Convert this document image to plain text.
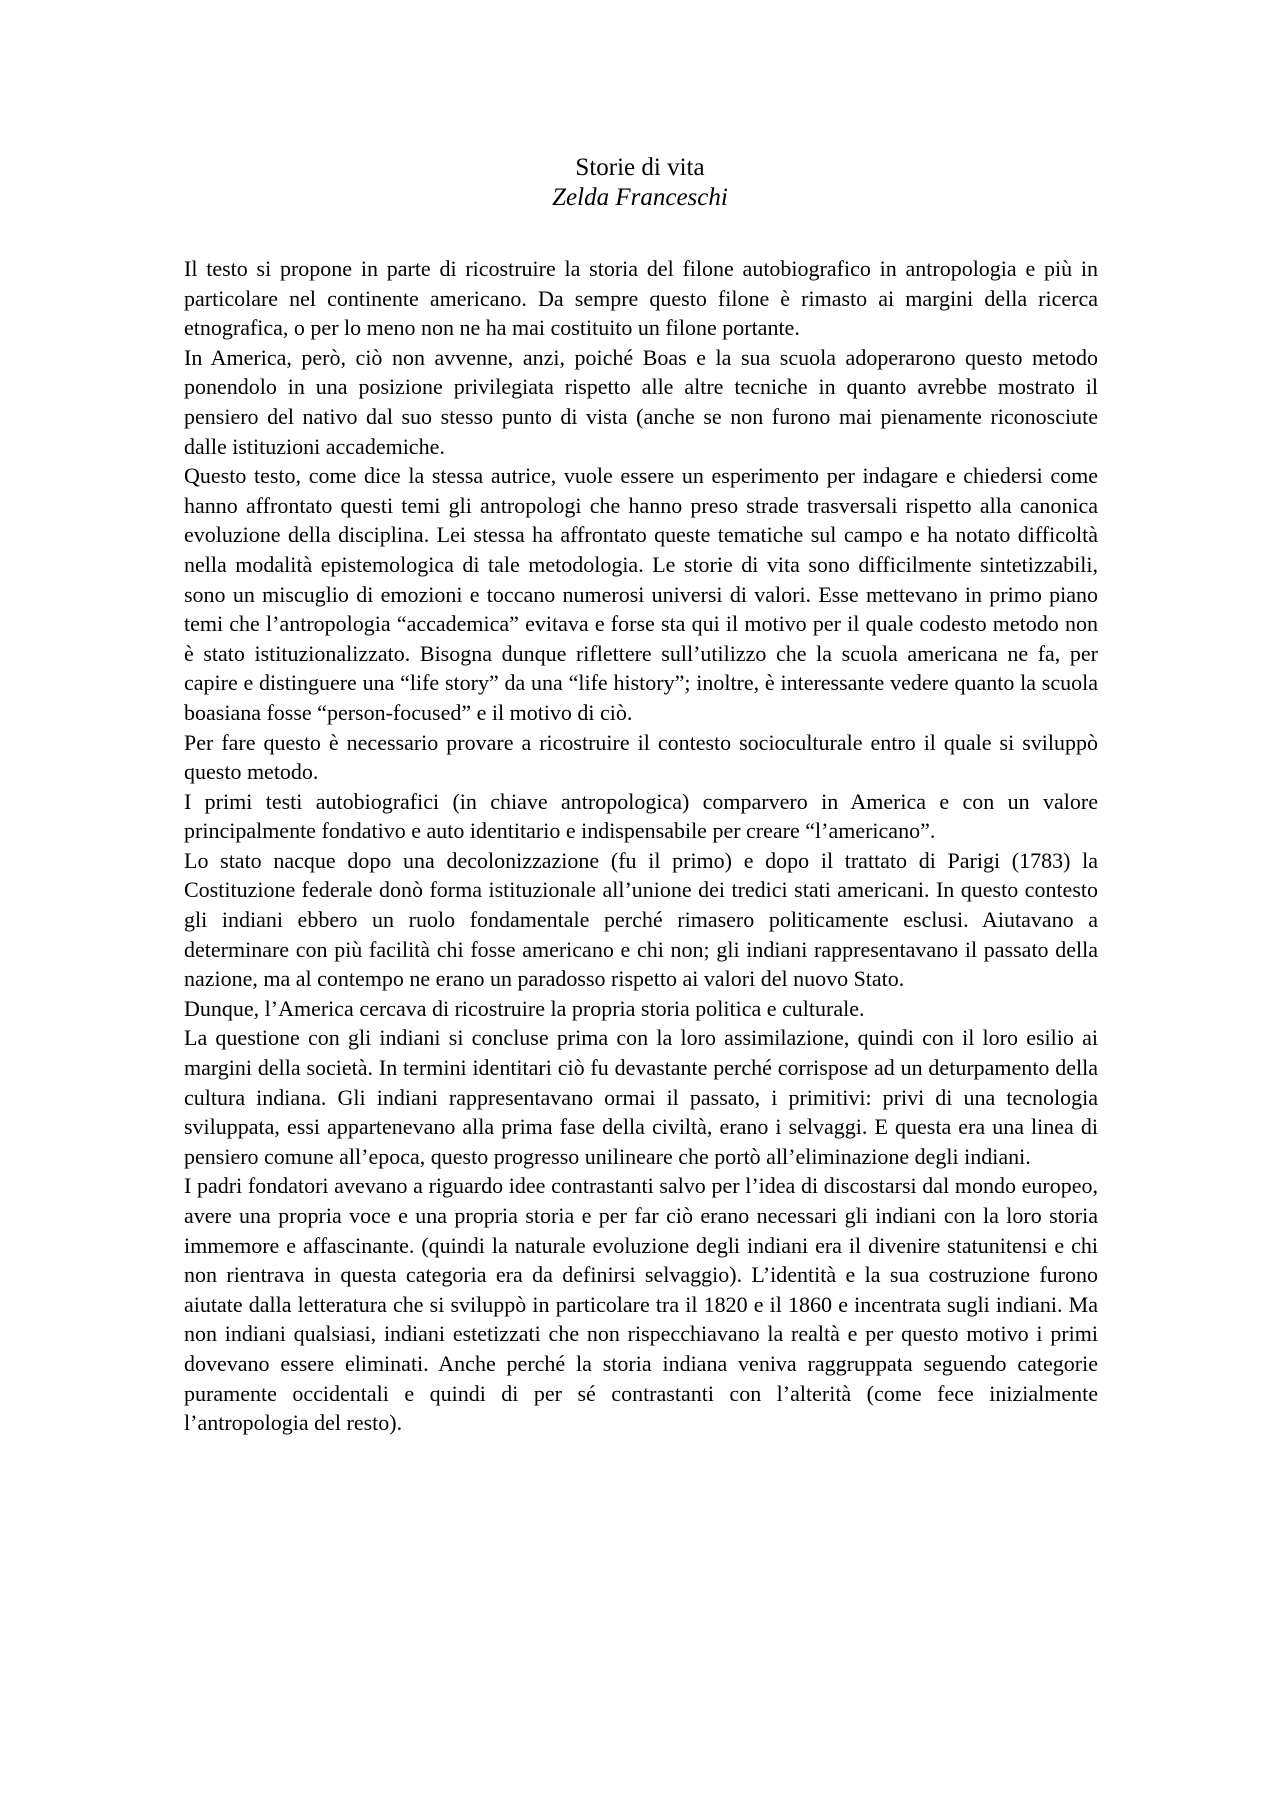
Storie di vita
Zelda Franceschi

Il testo si propone in parte di ricostruire la storia del filone autobiografico in antropologia e più in particolare nel continente americano. Da sempre questo filone è rimasto ai margini della ricerca etnografica, o per lo meno non ne ha mai costituito un filone portante.

In America, però, ciò non avvenne, anzi, poiché Boas e la sua scuola adoperarono questo metodo ponendolo in una posizione privilegiata rispetto alle altre tecniche in quanto avrebbe mostrato il pensiero del nativo dal suo stesso punto di vista (anche se non furono mai pienamente riconosciute dalle istituzioni accademiche.

Questo testo, come dice la stessa autrice, vuole essere un esperimento per indagare e chiedersi come hanno affrontato questi temi gli antropologi che hanno preso strade trasversali rispetto alla canonica evoluzione della disciplina. Lei stessa ha affrontato queste tematiche sul campo e ha notato difficoltà nella modalità epistemologica di tale metodologia. Le storie di vita sono difficilmente sintetizzabili, sono un miscuglio di emozioni e toccano numerosi universi di valori. Esse mettevano in primo piano temi che l’antropologia “accademica” evitava e forse sta qui il motivo per il quale codesto metodo non è stato istituzionalizzato. Bisogna dunque riflettere sull’utilizzo che la scuola americana ne fa, per capire e distinguere una “life story” da una “life history”; inoltre, è interessante vedere quanto la scuola boasiana fosse “person-focused” e il motivo di ciò.

Per fare questo è necessario provare a ricostruire il contesto socioculturale entro il quale si sviluppò questo metodo.

I primi testi autobiografici (in chiave antropologica) comparvero in America e con un valore principalmente fondativo e auto identitario e indispensabile per creare “l’americano”.

Lo stato nacque dopo una decolonizzazione (fu il primo) e dopo il trattato di Parigi (1783) la Costituzione federale donò forma istituzionale all’unione dei tredici stati americani. In questo contesto gli indiani ebbero un ruolo fondamentale perché rimasero politicamente esclusi. Aiutavano a determinare con più facilità chi fosse americano e chi non; gli indiani rappresentavano il passato della nazione, ma al contempo ne erano un paradosso rispetto ai valori del nuovo Stato.

Dunque, l’America cercava di ricostruire la propria storia politica e culturale.

La questione con gli indiani si concluse prima con la loro assimilazione, quindi con il loro esilio ai margini della società. In termini identitari ciò fu devastante perché corrispose ad un deturpamento della cultura indiana. Gli indiani rappresentavano ormai il passato, i primitivi: privi di una tecnologia sviluppata, essi appartenevano alla prima fase della civiltà, erano i selvaggi. E questa era una linea di pensiero comune all’epoca, questo progresso unilineare che portò all’eliminazione degli indiani.

I padri fondatori avevano a riguardo idee contrastanti salvo per l’idea di discostarsi dal mondo europeo, avere una propria voce e una propria storia e per far ciò erano necessari gli indiani con la loro storia immemore e affascinante. (quindi la naturale evoluzione degli indiani era il divenire statunitensi e chi non rientrava in questa categoria era da definirsi selvaggio). L’identità e la sua costruzione furono aiutate dalla letteratura che si sviluppò in particolare tra il 1820 e il 1860 e incentrata sugli indiani. Ma non indiani qualsiasi, indiani estetizzati che non rispecchiavano la realtà e per questo motivo i primi dovevano essere eliminati. Anche perché la storia indiana veniva raggruppata seguendo categorie puramente occidentali e quindi di per sé contrastanti con l’alterità (come fece inizialmente l’antropologia del resto).
